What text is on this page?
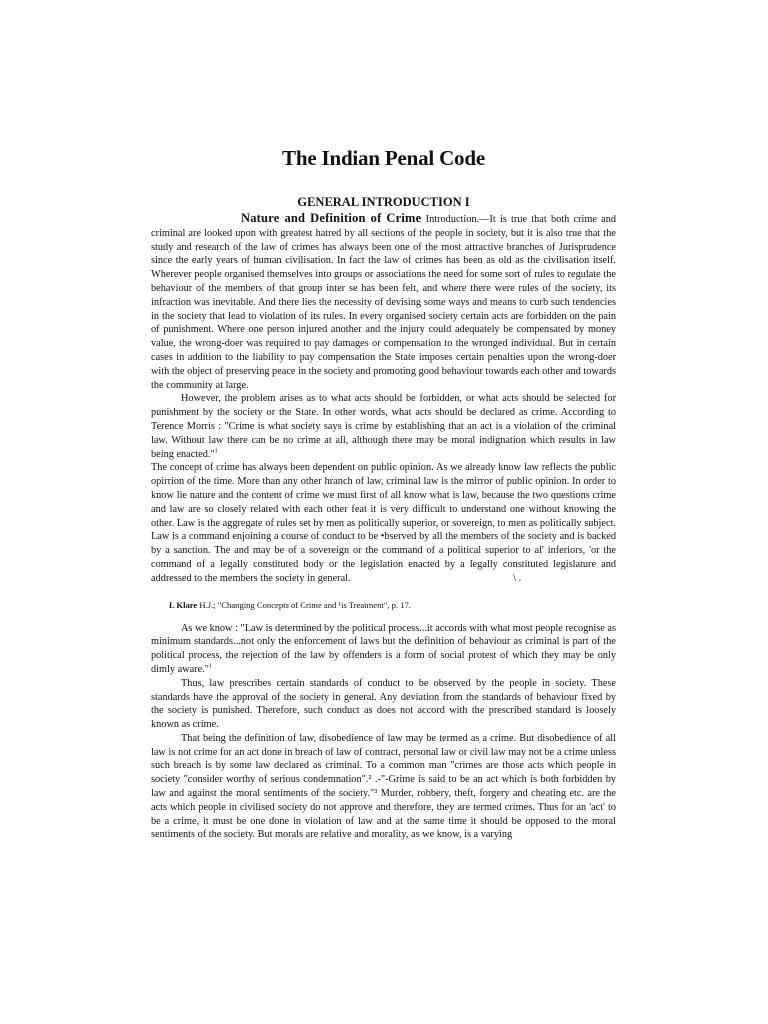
The Indian Penal Code
GENERAL INTRODUCTION I

Nature and Definition of Crime Introduction.—It is true that both crime and criminal are looked upon with greatest hatred by all sections of the people in society, but it is also true that the study and research of the law of crimes has always been one of the most attractive branches of Jurisprudence since the early years of human civilisation. In fact the law of crimes has been as old as the civilisation itself. Wherever people organised themselves into groups or associations the need for some sort of rules to regulate the behaviour of the members of that group inter se has been felt, and where there were rules of the society, its infraction was inevitable. And there lies the necessity of devising some ways and means to curb such tendencies in the society that lead to violation of its rules. In every organised society certain acts are forbidden on the pain of punishment. Where one person injured another and the injury could adequately be compensated by money value, the wrong-doer was required to pay damages or compensation to the wronged individual. But in certain cases in addition to the liability to pay compensation the State imposes certain penalties upon the wrong-doer with the object of preserving peace in the society and promoting good behaviour towards each other and towards the community at large.

However, the problem arises as to what acts should be forbidden, or what acts should be selected for punishment by the society or the State. In other words, what acts should be declared as crime. According to Terence Morris : "Crime is what society says is crime by establishing that an act is a violation of the criminal law. Without law there can be no crime at all, although there may be moral indignation which results in law being enacted."$^1$

The concept of crime has always been dependent on public opinion. As we already know law reflects the public opirrion of the time. More than any other hranch of law, criminal law is the mirror of public opinion. In order to know lie nature and the content of crime we must first of all know what is law, because the two questions crime and law are so closely related with each other feat it is very difficult to understand one without knowing the other. Law is the aggregate of rules set by men as politically superior, or sovereign, to men as politically subject. Law is a command enjoining a course of conduct to be •bserved by all the members of the society and is backed by a sanction. The and may be of a sovereign or the command of a political superior to al' inferiors, 'or the command of a legally constituted body or the legislation enacted by a legally constituted legislature and addressed to the members the society in general.	\ .

L Klare H.J.; "Changing Concepts of Crime and ¹is Treatment", p. 17.

As we know : "Law is determined by the political process...it accords with what most people recognise as minimum standards...not only the enforcement of laws but the definition of behaviour as criminal is part of the political process, the rejection of the law by offenders is a form of social protest of which they may be only dimly aware."$^1$

Thus, law prescribes certain standards of conduct to be observed by the people in society. These standards have the approval of the society in general. Any deviation from the standards of behaviour fixed by the society is punished. Therefore, such conduct as does not accord with the prescribed standard is loosely known as crime.

That being the definition of law, disobedience of law may be termed as a crime. But disobedience of all law is not crime for an act done in breach of law of contract, personal law or civil law may not be a crime unless such breach is by some law declared as criminal. To a common man "crimes are those acts which people in society "consider worthy of serious condemnation".² .-"-Grime is said to be an act which is both forbidden by law and against the moral sentiments of the society."³ Murder, robbery, theft, forgery and cheating etc. are the acts which people in civilised society do not approve and therefore, they are termed crimes. Thus for an 'act' to be a crime, it must be one done in violation of law and at the same time it should be opposed to the moral sentiments of the society. But morals are relative and morality, as we know, is a varying
